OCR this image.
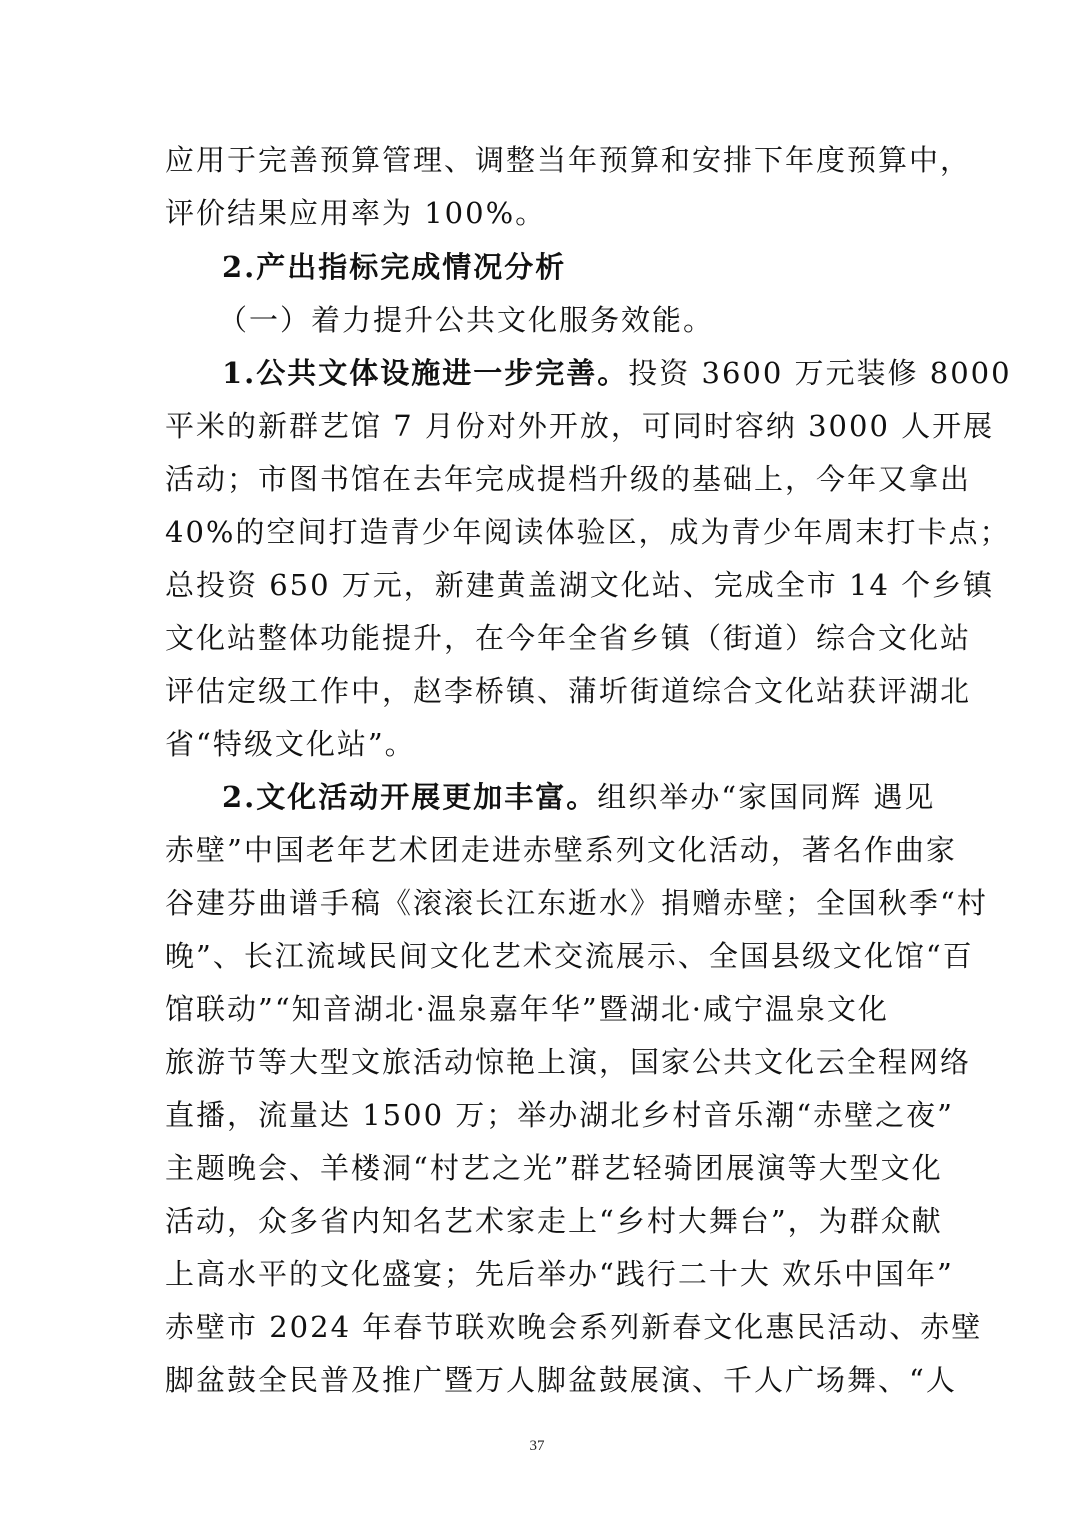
应用于完善预算管理、调整当年预算和安排下年度预算中，
评价结果应用率为 100%。
2.产出指标完成情况分析
（一）着力提升公共文化服务效能。
1.公共文体设施进一步完善。投资 3600 万元装修 8000
平米的新群艺馆 7 月份对外开放，可同时容纳 3000 人开展
活动；市图书馆在去年完成提档升级的基础上，今年又拿出
40%的空间打造青少年阅读体验区，成为青少年周末打卡点；
总投资 650 万元，新建黄盖湖文化站、完成全市 14 个乡镇
文化站整体功能提升，在今年全省乡镇（街道）综合文化站
评估定级工作中，赵李桥镇、蒲圻街道综合文化站获评湖北
省“特级文化站”。
2.文化活动开展更加丰富。组织举办“家国同辉 遇见
赤壁”中国老年艺术团走进赤壁系列文化活动，著名作曲家
谷建芬曲谱手稿《滚滚长江东逝水》捐赠赤壁；全国秋季“村
晚”、长江流域民间文化艺术交流展示、全国县级文化馆“百
馆联动”“知音湖北·温泉嘉年华”暨湖北·咸宁温泉文化
旅游节等大型文旅活动惊艳上演，国家公共文化云全程网络
直播，流量达 1500 万；举办湖北乡村音乐潮“赤壁之夜”
主题晚会、羊楼洞“村艺之光”群艺轻骑团展演等大型文化
活动，众多省内知名艺术家走上“乡村大舞台”，为群众献
上高水平的文化盛宴；先后举办“践行二十大 欢乐中国年”
赤壁市 2024 年春节联欢晚会系列新春文化惠民活动、赤壁
脚盆鼓全民普及推广暨万人脚盆鼓展演、千人广场舞、“人
37
